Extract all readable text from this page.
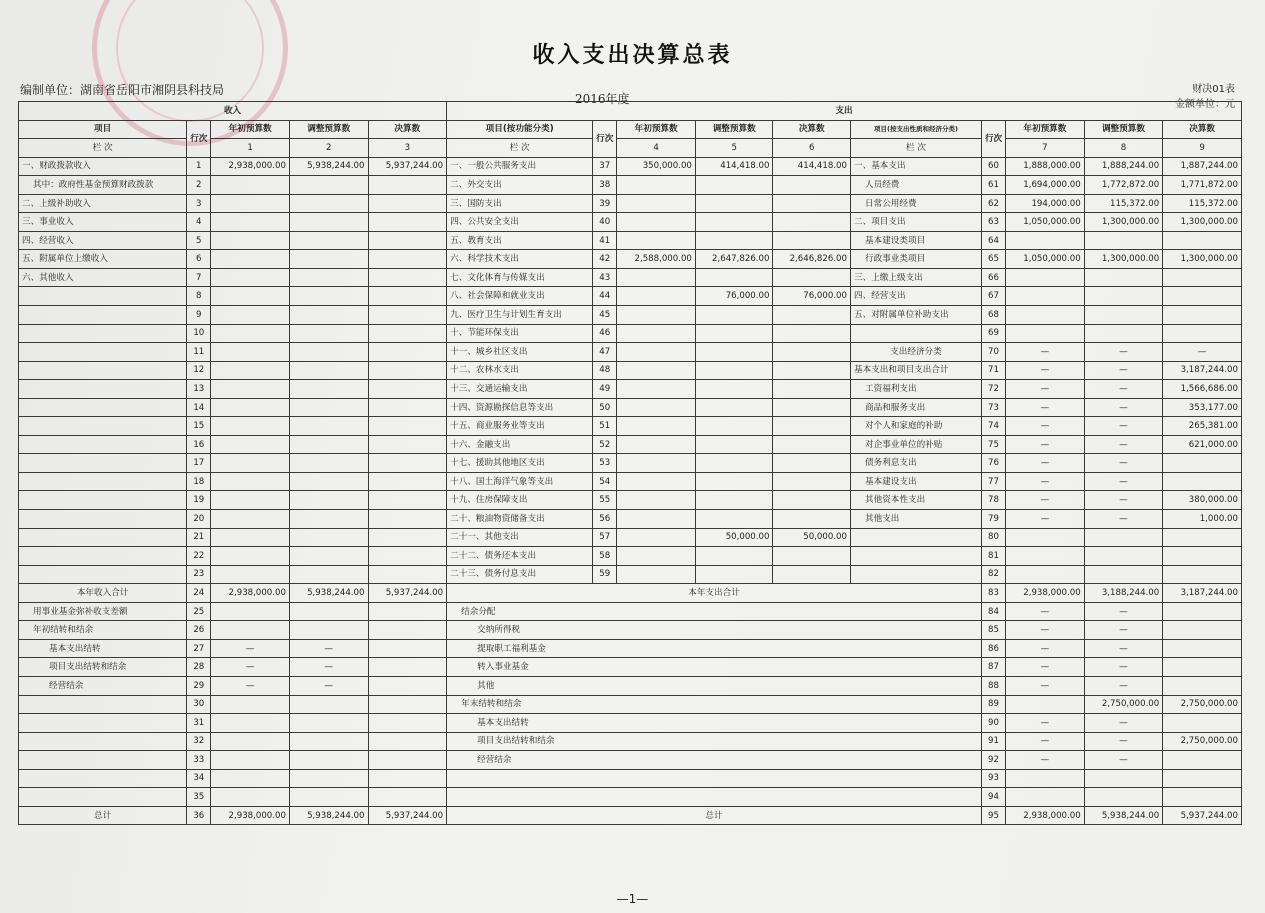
收入支出决算总表
编制单位：湖南省岳阳市湘阴县科技局
2016年度
财决01表
金额单位：元
收入					支出									
项目	行次	年初预算数	调整预算数	决算数	项目(按功能分类)	行次	年初预算数	调整预算数	决算数	项目(按支出性质和经济分类)	行次	年初预算数	调整预算数	决算数
栏 次		1	2	3	栏 次		4	5	6	栏 次		7	8	9
一、财政拨款收入	1	2,938,000.00	5,938,244.00	5,937,244.00	一、一般公共服务支出	37	350,000.00	414,418.00	414,418.00	一、基本支出	60	1,888,000.00	1,888,244.00	1,887,244.00
其中：政府性基金预算财政拨款	2				二、外交支出	38				人员经费	61	1,694,000.00	1,772,872.00	1,771,872.00
二、上级补助收入	3				三、国防支出	39				日常公用经费	62	194,000.00	115,372.00	115,372.00
三、事业收入	4				四、公共安全支出	40				二、项目支出	63	1,050,000.00	1,300,000.00	1,300,000.00
四、经营收入	5				五、教育支出	41				基本建设类项目	64			
五、附属单位上缴收入	6				六、科学技术支出	42	2,588,000.00	2,647,826.00	2,646,826.00	行政事业类项目	65	1,050,000.00	1,300,000.00	1,300,000.00
六、其他收入	7				七、文化体育与传媒支出	43				三、上缴上级支出	66			
	8				八、社会保障和就业支出	44		76,000.00	76,000.00	四、经营支出	67			
	9				九、医疗卫生与计划生育支出	45				五、对附属单位补助支出	68			
	10				十、节能环保支出	46					69			
	11				十一、城乡社区支出	47				支出经济分类	70	—	—	—
	12				十二、农林水支出	48				基本支出和项目支出合计	71	—	—	3,187,244.00
	13				十三、交通运输支出	49				工资福利支出	72	—	—	1,566,686.00
	14				十四、资源勘探信息等支出	50				商品和服务支出	73	—	—	353,177.00
	15				十五、商业服务业等支出	51				对个人和家庭的补助	74	—	—	265,381.00
	16				十六、金融支出	52				对企事业单位的补贴	75	—	—	621,000.00
	17				十七、援助其他地区支出	53				债务利息支出	76	—	—	
	18				十八、国土海洋气象等支出	54				基本建设支出	77	—	—	
	19				十九、住房保障支出	55				其他资本性支出	78	—	—	380,000.00
	20				二十、粮油物资储备支出	56				其他支出	79	—	—	1,000.00
	21				二十一、其他支出	57		50,000.00	50,000.00		80			
	22				二十二、债务还本支出	58					81			
	23				二十三、债务付息支出	59					82			
本年收入合计	24	2,938,000.00	5,938,244.00	5,937,244.00	本年支出合计						83	2,938,000.00	3,188,244.00	3,187,244.00
用事业基金弥补收支差额	25				结余分配						84	—	—	
年初结转和结余	26				交纳所得税						85	—	—	
基本支出结转	27	—	—		提取职工福利基金						86	—	—	
项目支出结转和结余	28	—	—		转入事业基金						87	—	—	
经营结余	29	—	—		其他						88	—	—	
	30				年末结转和结余						89		2,750,000.00	2,750,000.00
	31				基本支出结转						90	—	—	
	32				项目支出结转和结余						91	—	—	2,750,000.00
	33				经营结余						92	—	—	
	34										93			
	35										94			
总计	36	2,938,000.00	5,938,244.00	5,937,244.00	总计						95	2,938,000.00	5,938,244.00	5,937,244.00
—1—
